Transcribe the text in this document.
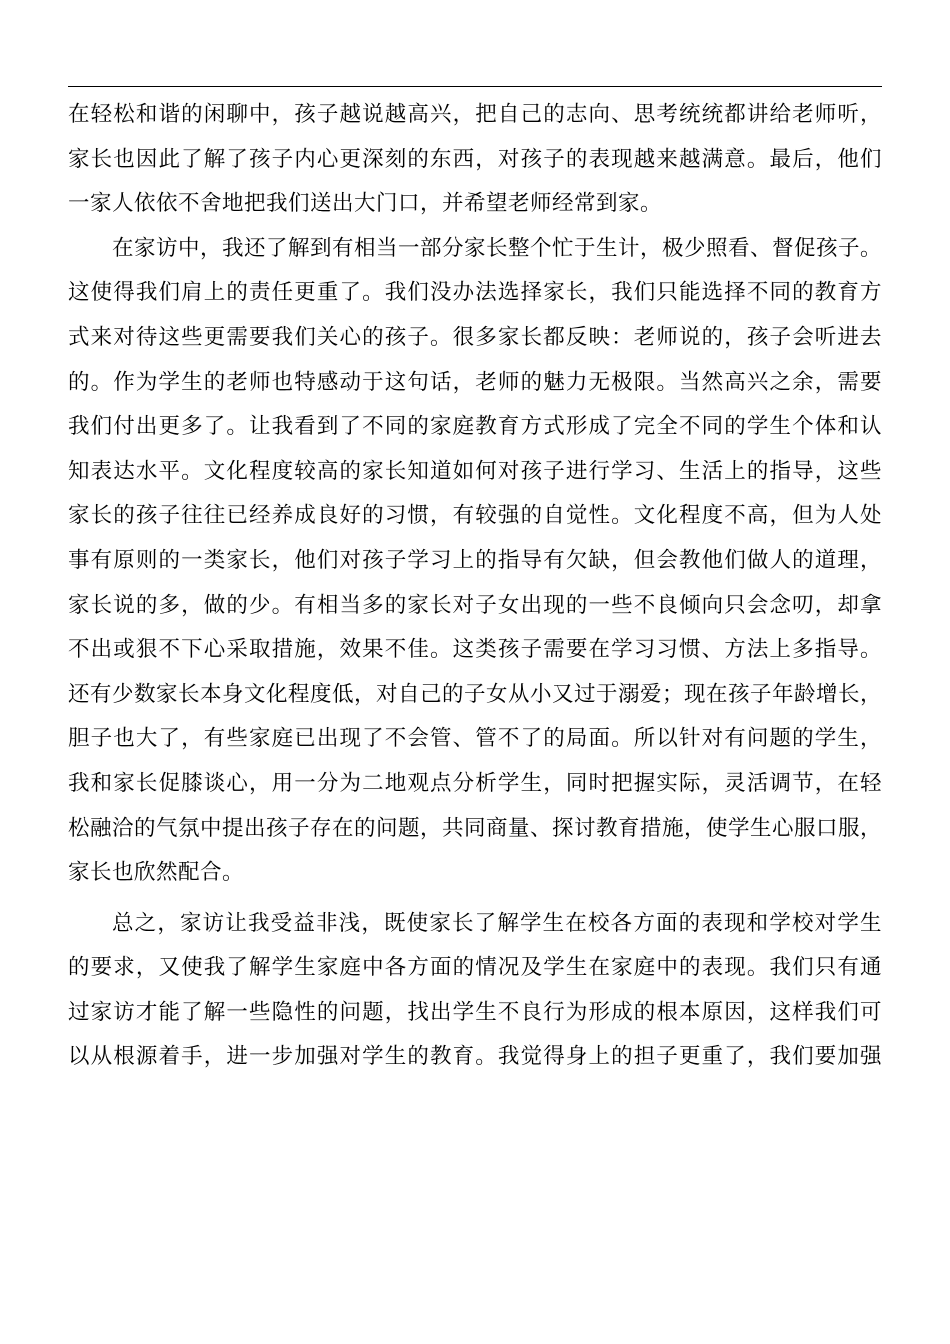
在轻松和谐的闲聊中，孩子越说越高兴，把自己的志向、思考统统都讲给老师听，
家长也因此了解了孩子内心更深刻的东西，对孩子的表现越来越满意。最后，他们
一家人依依不舍地把我们送出大门口，并希望老师经常到家。
在家访中，我还了解到有相当一部分家长整个忙于生计，极少照看、督促孩子。
这使得我们肩上的责任更重了。我们没办法选择家长，我们只能选择不同的教育方
式来对待这些更需要我们关心的孩子。很多家长都反映：老师说的，孩子会听进去
的。作为学生的老师也特感动于这句话，老师的魅力无极限。当然高兴之余，需要
我们付出更多了。让我看到了不同的家庭教育方式形成了完全不同的学生个体和认
知表达水平。文化程度较高的家长知道如何对孩子进行学习、生活上的指导，这些
家长的孩子往往已经养成良好的习惯，有较强的自觉性。文化程度不高，但为人处
事有原则的一类家长，他们对孩子学习上的指导有欠缺，但会教他们做人的道理，
家长说的多，做的少。有相当多的家长对子女出现的一些不良倾向只会念叨，却拿
不出或狠不下心采取措施，效果不佳。这类孩子需要在学习习惯、方法上多指导。
还有少数家长本身文化程度低，对自己的子女从小又过于溺爱；现在孩子年龄增长，
胆子也大了，有些家庭已出现了不会管、管不了的局面。所以针对有问题的学生，
我和家长促膝谈心，用一分为二地观点分析学生，同时把握实际，灵活调节，在轻
松融洽的气氛中提出孩子存在的问题，共同商量、探讨教育措施，使学生心服口服，
家长也欣然配合。
总之，家访让我受益非浅，既使家长了解学生在校各方面的表现和学校对学生
的要求，又使我了解学生家庭中各方面的情况及学生在家庭中的表现。我们只有通
过家访才能了解一些隐性的问题，找出学生不良行为形成的根本原因，这样我们可
以从根源着手，进一步加强对学生的教育。我觉得身上的担子更重了，我们要加强
